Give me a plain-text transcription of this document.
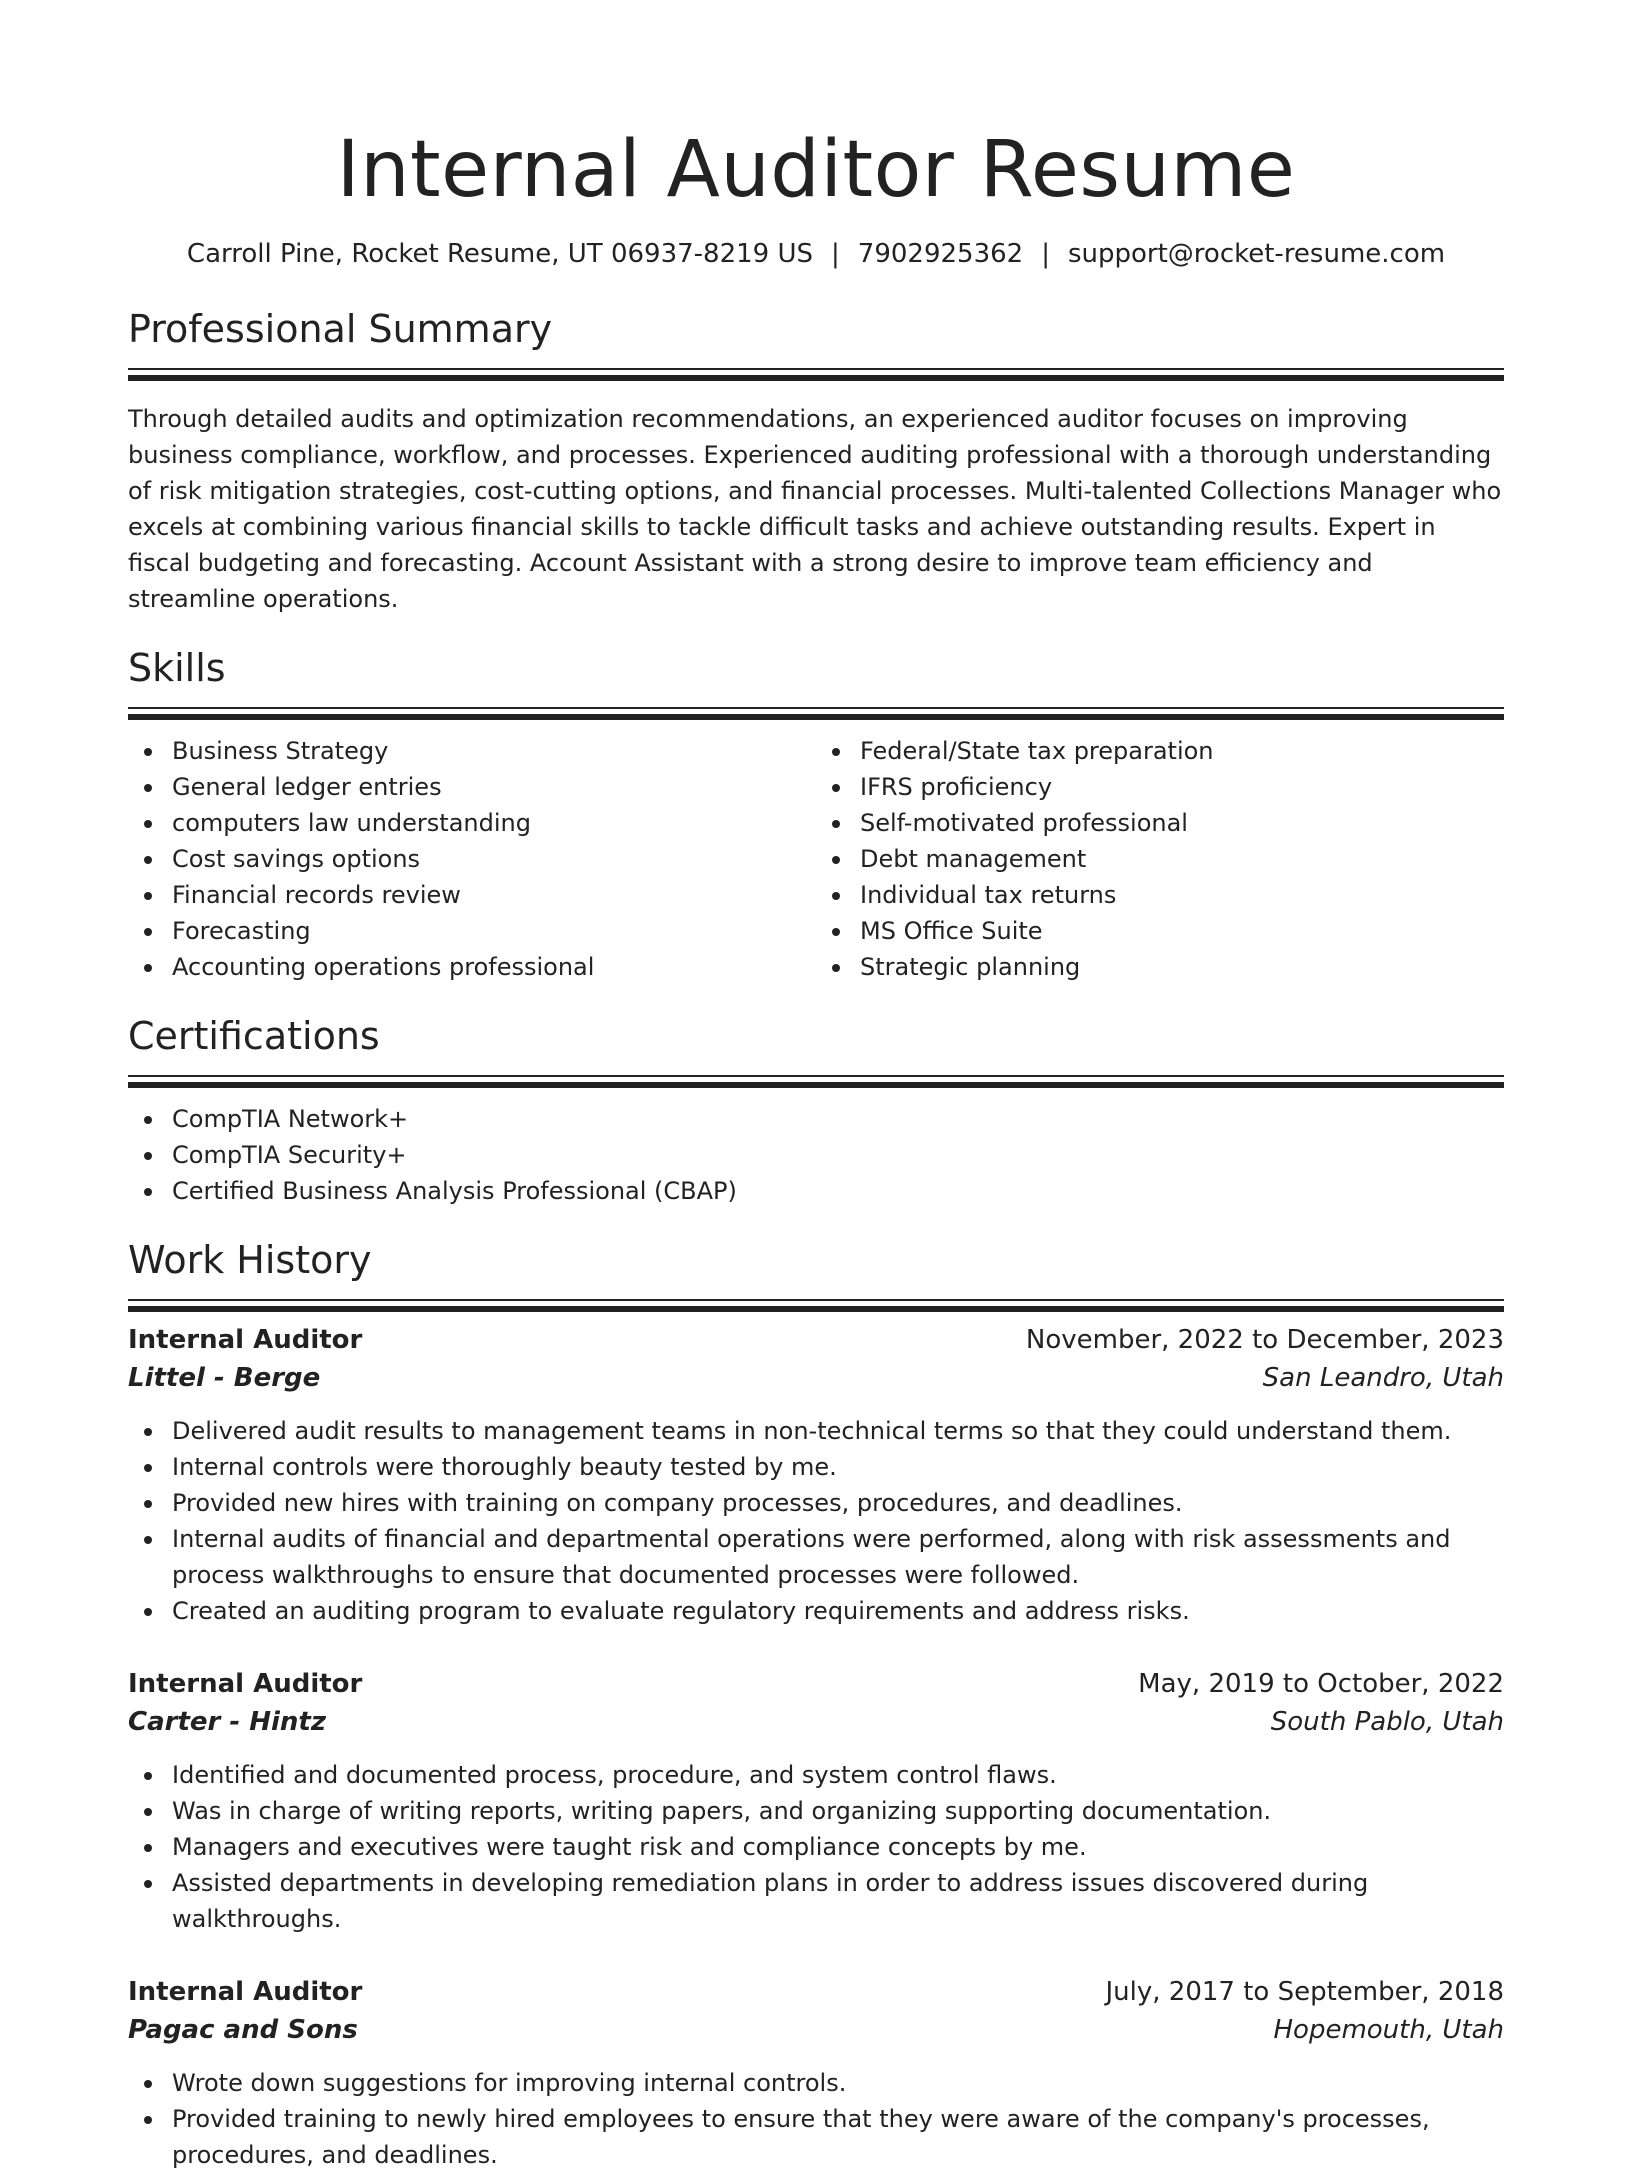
Internal Auditor Resume
Carroll Pine, Rocket Resume, UT 06937-8219 US | 7902925362 | support@rocket-resume.com
Professional Summary

Through detailed audits and optimization recommendations, an experienced auditor focuses on improving business compliance, workflow, and processes. Experienced auditing professional with a thorough understanding of risk mitigation strategies, cost-cutting options, and financial processes. Multi-talented Collections Manager who excels at combining various financial skills to tackle difficult tasks and achieve outstanding results. Expert in fiscal budgeting and forecasting. Account Assistant with a strong desire to improve team efficiency and streamline operations.

Skills
Business Strategy
General ledger entries
computers law understanding
Cost savings options
Financial records review
Forecasting
Accounting operations professional
Federal/State tax preparation
IFRS proficiency
Self-motivated professional
Debt management
Individual tax returns
MS Office Suite
Strategic planning
Certifications
CompTIA Network+
CompTIA Security+
Certified Business Analysis Professional (CBAP)
Work History
Internal Auditor	November, 2022 to December, 2023
Littel - Berge	San Leandro, Utah
Delivered audit results to management teams in non-technical terms so that they could understand them.
Internal controls were thoroughly beauty tested by me.
Provided new hires with training on company processes, procedures, and deadlines.
Internal audits of financial and departmental operations were performed, along with risk assessments and process walkthroughs to ensure that documented processes were followed.
Created an auditing program to evaluate regulatory requirements and address risks.
Internal Auditor	May, 2019 to October, 2022
Carter - Hintz	South Pablo, Utah
Identified and documented process, procedure, and system control flaws.
Was in charge of writing reports, writing papers, and organizing supporting documentation.
Managers and executives were taught risk and compliance concepts by me.
Assisted departments in developing remediation plans in order to address issues discovered during walkthroughs.
Internal Auditor	July, 2017 to September, 2018
Pagac and Sons	Hopemouth, Utah
Wrote down suggestions for improving internal controls.
Provided training to newly hired employees to ensure that they were aware of the company's processes, procedures, and deadlines.
